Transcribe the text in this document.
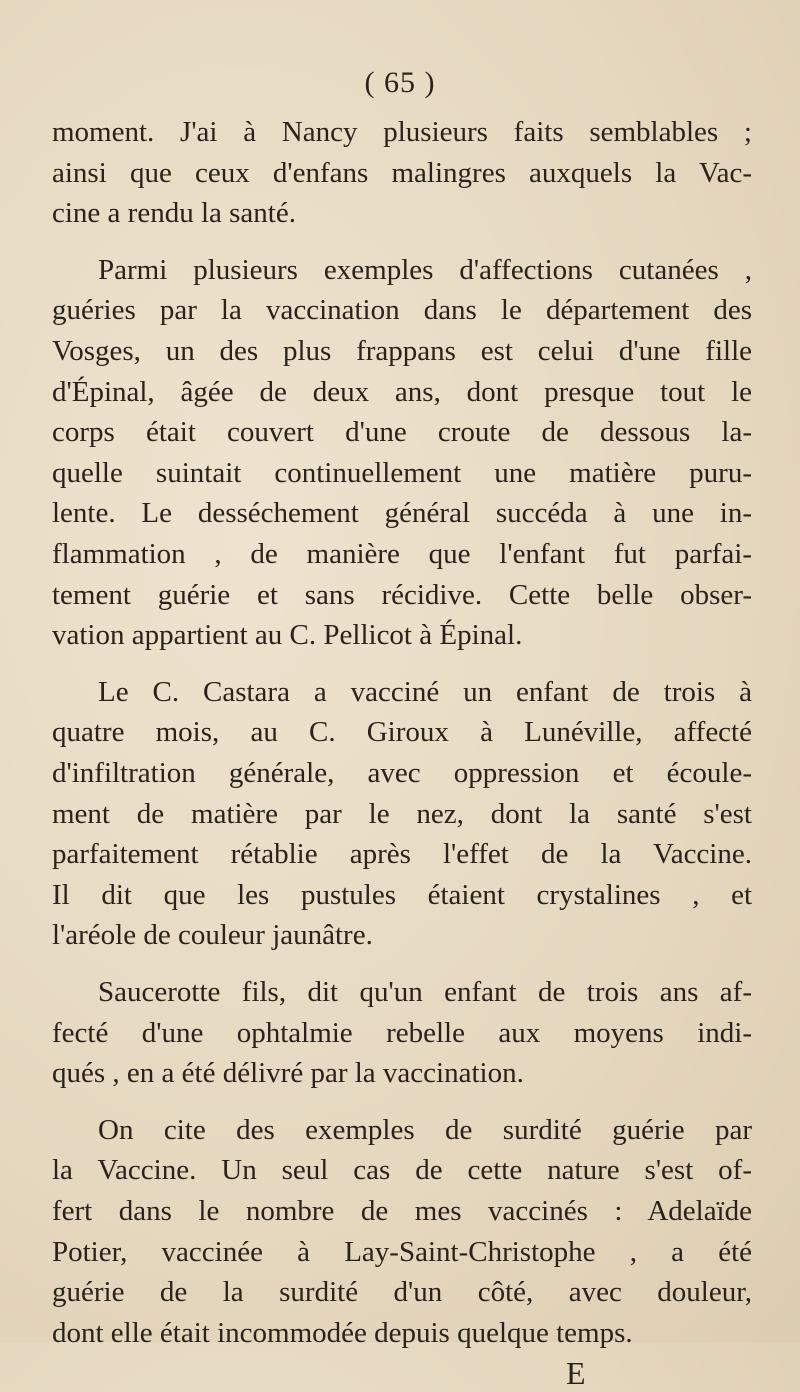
( 65 )
moment. J'ai à Nancy plusieurs faits semblables ;
ainsi que ceux d'enfans malingres auxquels la Vac-
cine a rendu la santé.
Parmi plusieurs exemples d'affections cutanées ,
guéries par la vaccination dans le département des
Vosges, un des plus frappans est celui d'une fille
d'Épinal, âgée de deux ans, dont presque tout le
corps était couvert d'une croute de dessous la-
quelle suintait continuellement une matière puru-
lente. Le desséchement général succéda à une in-
flammation , de manière que l'enfant fut parfai-
tement guérie et sans récidive. Cette belle obser-
vation appartient au C. Pellicot à Épinal.
Le C. Castara a vacciné un enfant de trois à
quatre mois, au C. Giroux à Lunéville, affecté
d'infiltration générale, avec oppression et écoule-
ment de matière par le nez, dont la santé s'est
parfaitement rétablie après l'effet de la Vaccine.
Il dit que les pustules étaient crystalines , et
l'aréole de couleur jaunâtre.
Saucerotte fils, dit qu'un enfant de trois ans af-
fecté d'une ophtalmie rebelle aux moyens indi-
qués , en a été délivré par la vaccination.
On cite des exemples de surdité guérie par
la Vaccine. Un seul cas de cette nature s'est of-
fert dans le nombre de mes vaccinés : Adelaïde
Potier, vaccinée à Lay-Saint-Christophe , a été
guérie de la surdité d'un côté, avec douleur,
dont elle était incommodée depuis quelque temps.
E
